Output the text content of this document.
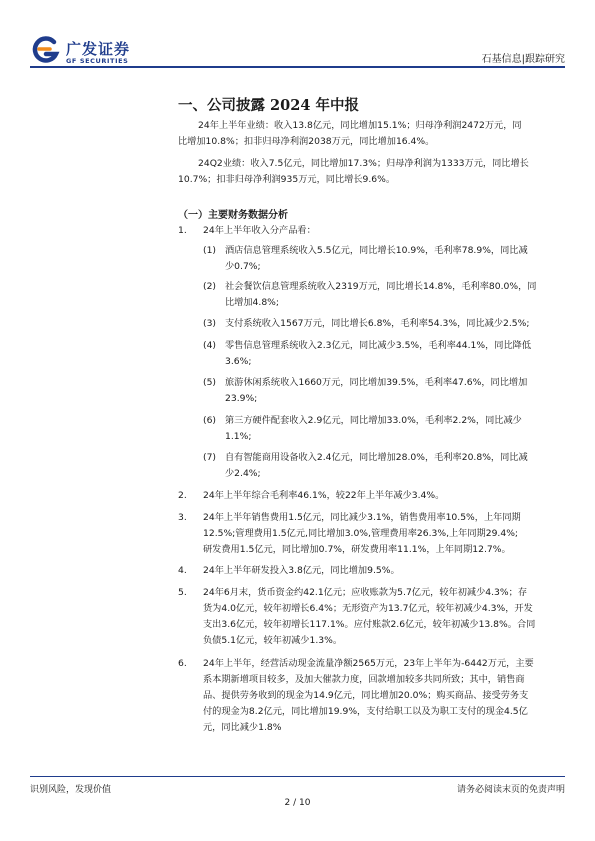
广发证券
GF SECURITIES	石基信息|跟踪研究
一、公司披露 2024 年中报
24年上半年业绩：收入13.8亿元，同比增加15.1%；归母净利润2472万元，同
比增加10.8%；扣非归母净利润2038万元，同比增加16.4%。
24Q2业绩：收入7.5亿元，同比增加17.3%；归母净利润为1333万元，同比增长
10.7%；扣非归母净利润935万元，同比增长9.6%。
（一）主要财务数据分析
1. 24年上半年收入分产品看：
(1) 酒店信息管理系统收入5.5亿元，同比增长10.9%，毛利率78.9%，同比减
少0.7%;
(2) 社会餐饮信息管理系统收入2319万元，同比增长14.8%，毛利率80.0%，同
比增加4.8%;
(3) 支付系统收入1567万元，同比增长6.8%，毛利率54.3%，同比减少2.5%;
(4) 零售信息管理系统收入2.3亿元，同比减少3.5%，毛利率44.1%，同比降低
3.6%;
(5) 旅游休闲系统收入1660万元，同比增加39.5%，毛利率47.6%，同比增加
23.9%;
(6) 第三方硬件配套收入2.9亿元，同比增加33.0%，毛利率2.2%，同比减少
1.1%;
(7) 自有智能商用设备收入2.4亿元，同比增加28.0%，毛利率20.8%，同比减
少2.4%;
2. 24年上半年综合毛利率46.1%，较22年上半年减少3.4%。
3. 24年上半年销售费用1.5亿元，同比减少3.1%，销售费用率10.5%，上年同期
12.5%;管理费用1.5亿元,同比增加3.0%,管理费用率26.3%,上年同期29.4%;
研发费用1.5亿元，同比增加0.7%，研发费用率11.1%，上年同期12.7%。
4. 24年上半年研发投入3.8亿元，同比增加9.5%。
5. 24年6月末，货币资金约42.1亿元；应收账款为5.7亿元，较年初减少4.3%；存
货为4.0亿元，较年初增长6.4%；无形资产为13.7亿元，较年初减少4.3%，开发
支出3.6亿元，较年初增长117.1%。应付账款2.6亿元，较年初减少13.8%。合同
负债5.1亿元，较年初减少1.3%。
6. 24年上半年，经营活动现金流量净额2565万元，23年上半年为-6442万元，主要
系本期新增项目较多，及加大催款力度，回款增加较多共同所致；其中，销售商
品、提供劳务收到的现金为14.9亿元，同比增加20.0%；购买商品、接受劳务支
付的现金为8.2亿元，同比增加19.9%，支付给职工以及为职工支付的现金4.5亿
元，同比减少1.8%
识别风险，发现价值	请务必阅读末页的免责声明
2 / 10
